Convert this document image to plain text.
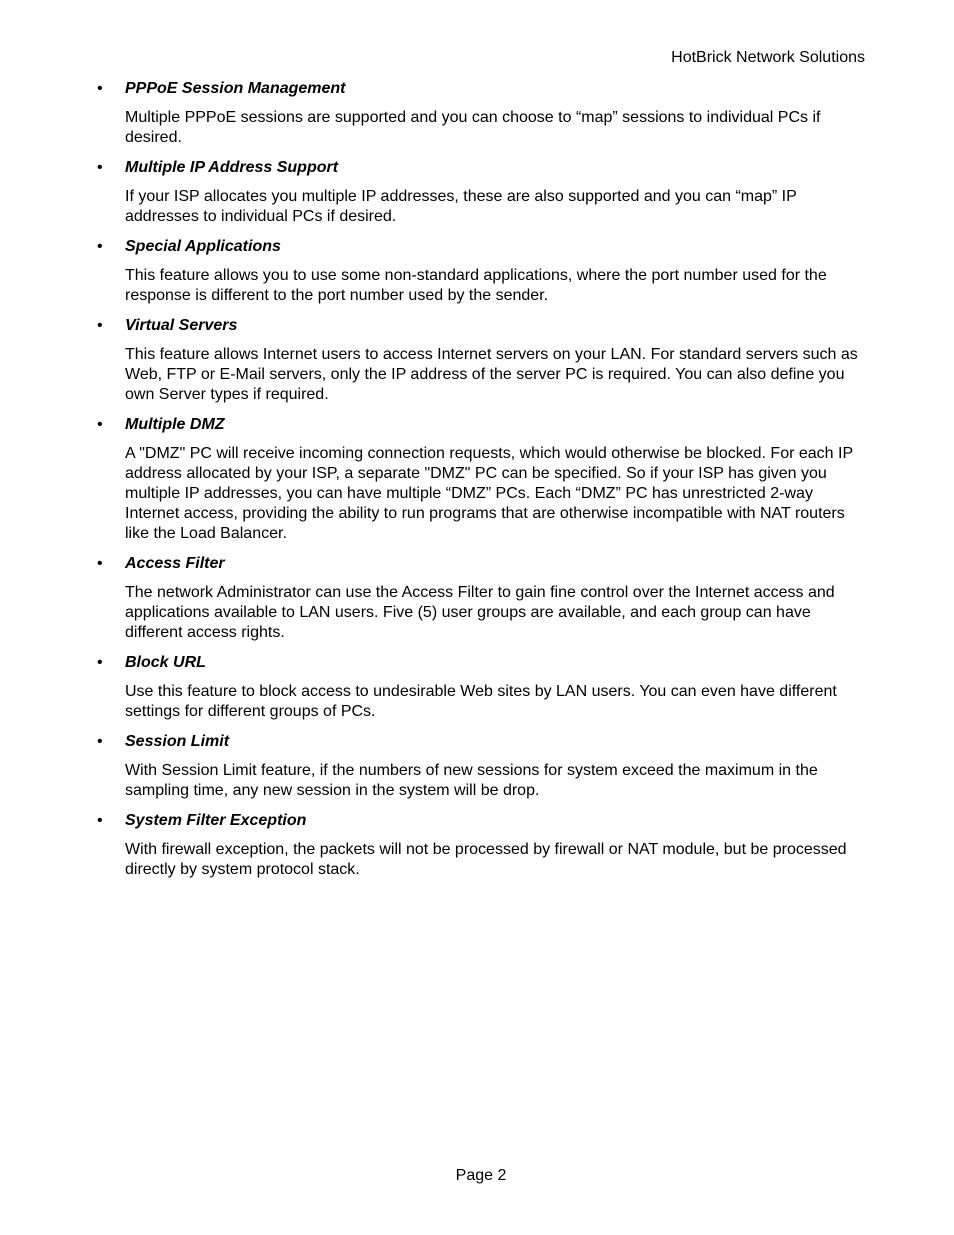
HotBrick Network Solutions
• PPPoE Session Management
Multiple PPPoE sessions are supported and you can choose to “map” sessions to individual PCs if desired.
• Multiple IP Address Support
If your ISP allocates you multiple IP addresses, these are also supported and you can “map” IP addresses to individual PCs if desired.
• Special Applications
This feature allows you to use some non-standard applications, where the port number used for the response is different to the port number used by the sender.
• Virtual Servers
This feature allows Internet users to access Internet servers on your LAN. For standard servers such as Web, FTP or E-Mail servers, only the IP address of the server PC is required. You can also define you own Server types if required.
• Multiple DMZ
A "DMZ" PC will receive incoming connection requests, which would otherwise be blocked. For each IP address allocated by your ISP, a separate "DMZ" PC can be specified. So if your ISP has given you multiple IP addresses, you can have multiple “DMZ” PCs. Each “DMZ” PC has unrestricted 2-way Internet access, providing the ability to run programs that are otherwise incompatible with NAT routers like the Load Balancer.
• Access Filter
The network Administrator can use the Access Filter to gain fine control over the Internet access and applications available to LAN users. Five (5) user groups are available, and each group can have different access rights.
• Block URL
Use this feature to block access to undesirable Web sites by LAN users. You can even have different settings for different groups of PCs.
• Session Limit
With Session Limit feature, if the numbers of new sessions for system exceed the maximum in the sampling time, any new session in the system will be drop.
• System Filter Exception
With firewall exception, the packets will not be processed by firewall or NAT module, but be processed directly by system protocol stack.
Page 2
